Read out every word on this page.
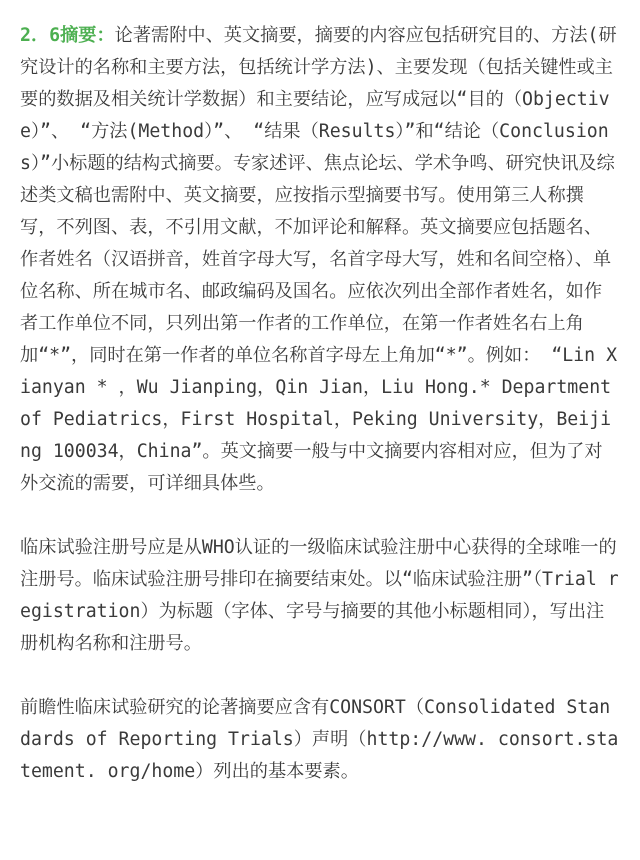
2．6摘要：论著需附中、英文摘要，摘要的内容应包括研究目的、方法(研究设计的名称和主要方法，包括统计学方法)、主要发现（包括关键性或主要的数据及相关统计学数据）和主要结论，应写成冠以“目的（Objective）”、 “方法(Method）”、 “结果（Results）”和“结论（Conclusions）”小标题的结构式摘要。专家述评、焦点论坛、学术争鸣、研究快讯及综述类文稿也需附中、英文摘要，应按指示型摘要书写。使用第三人称撰写，不列图、表，不引用文献，不加评论和解释。英文摘要应包括题名、作者姓名（汉语拼音，姓首字母大写，名首字母大写，姓和名间空格）、单位名称、所在城市名、邮政编码及国名。应依次列出全部作者姓名，如作者工作单位不同，只列出第一作者的工作单位，在第一作者姓名右上角加“*”，同时在第一作者的单位名称首字母左上角加“*”。例如： “Lin Xianyan * ，Wu Jianping，Qin Jian，Liu Hong.* Department of Pediatrics，First Hospital，Peking University，Beijing 100034，China”。英文摘要一般与中文摘要内容相对应，但为了对外交流的需要，可详细具体些。

临床试验注册号应是从WHO认证的一级临床试验注册中心获得的全球唯一的注册号。临床试验注册号排印在摘要结束处。以“临床试验注册”（Trial registration）为标题（字体、字号与摘要的其他小标题相同），写出注册机构名称和注册号。

前瞻性临床试验研究的论著摘要应含有CONSORT（Consolidated Standards of Reporting Trials）声明（http://www. consort.statement. org/home）列出的基本要素。
